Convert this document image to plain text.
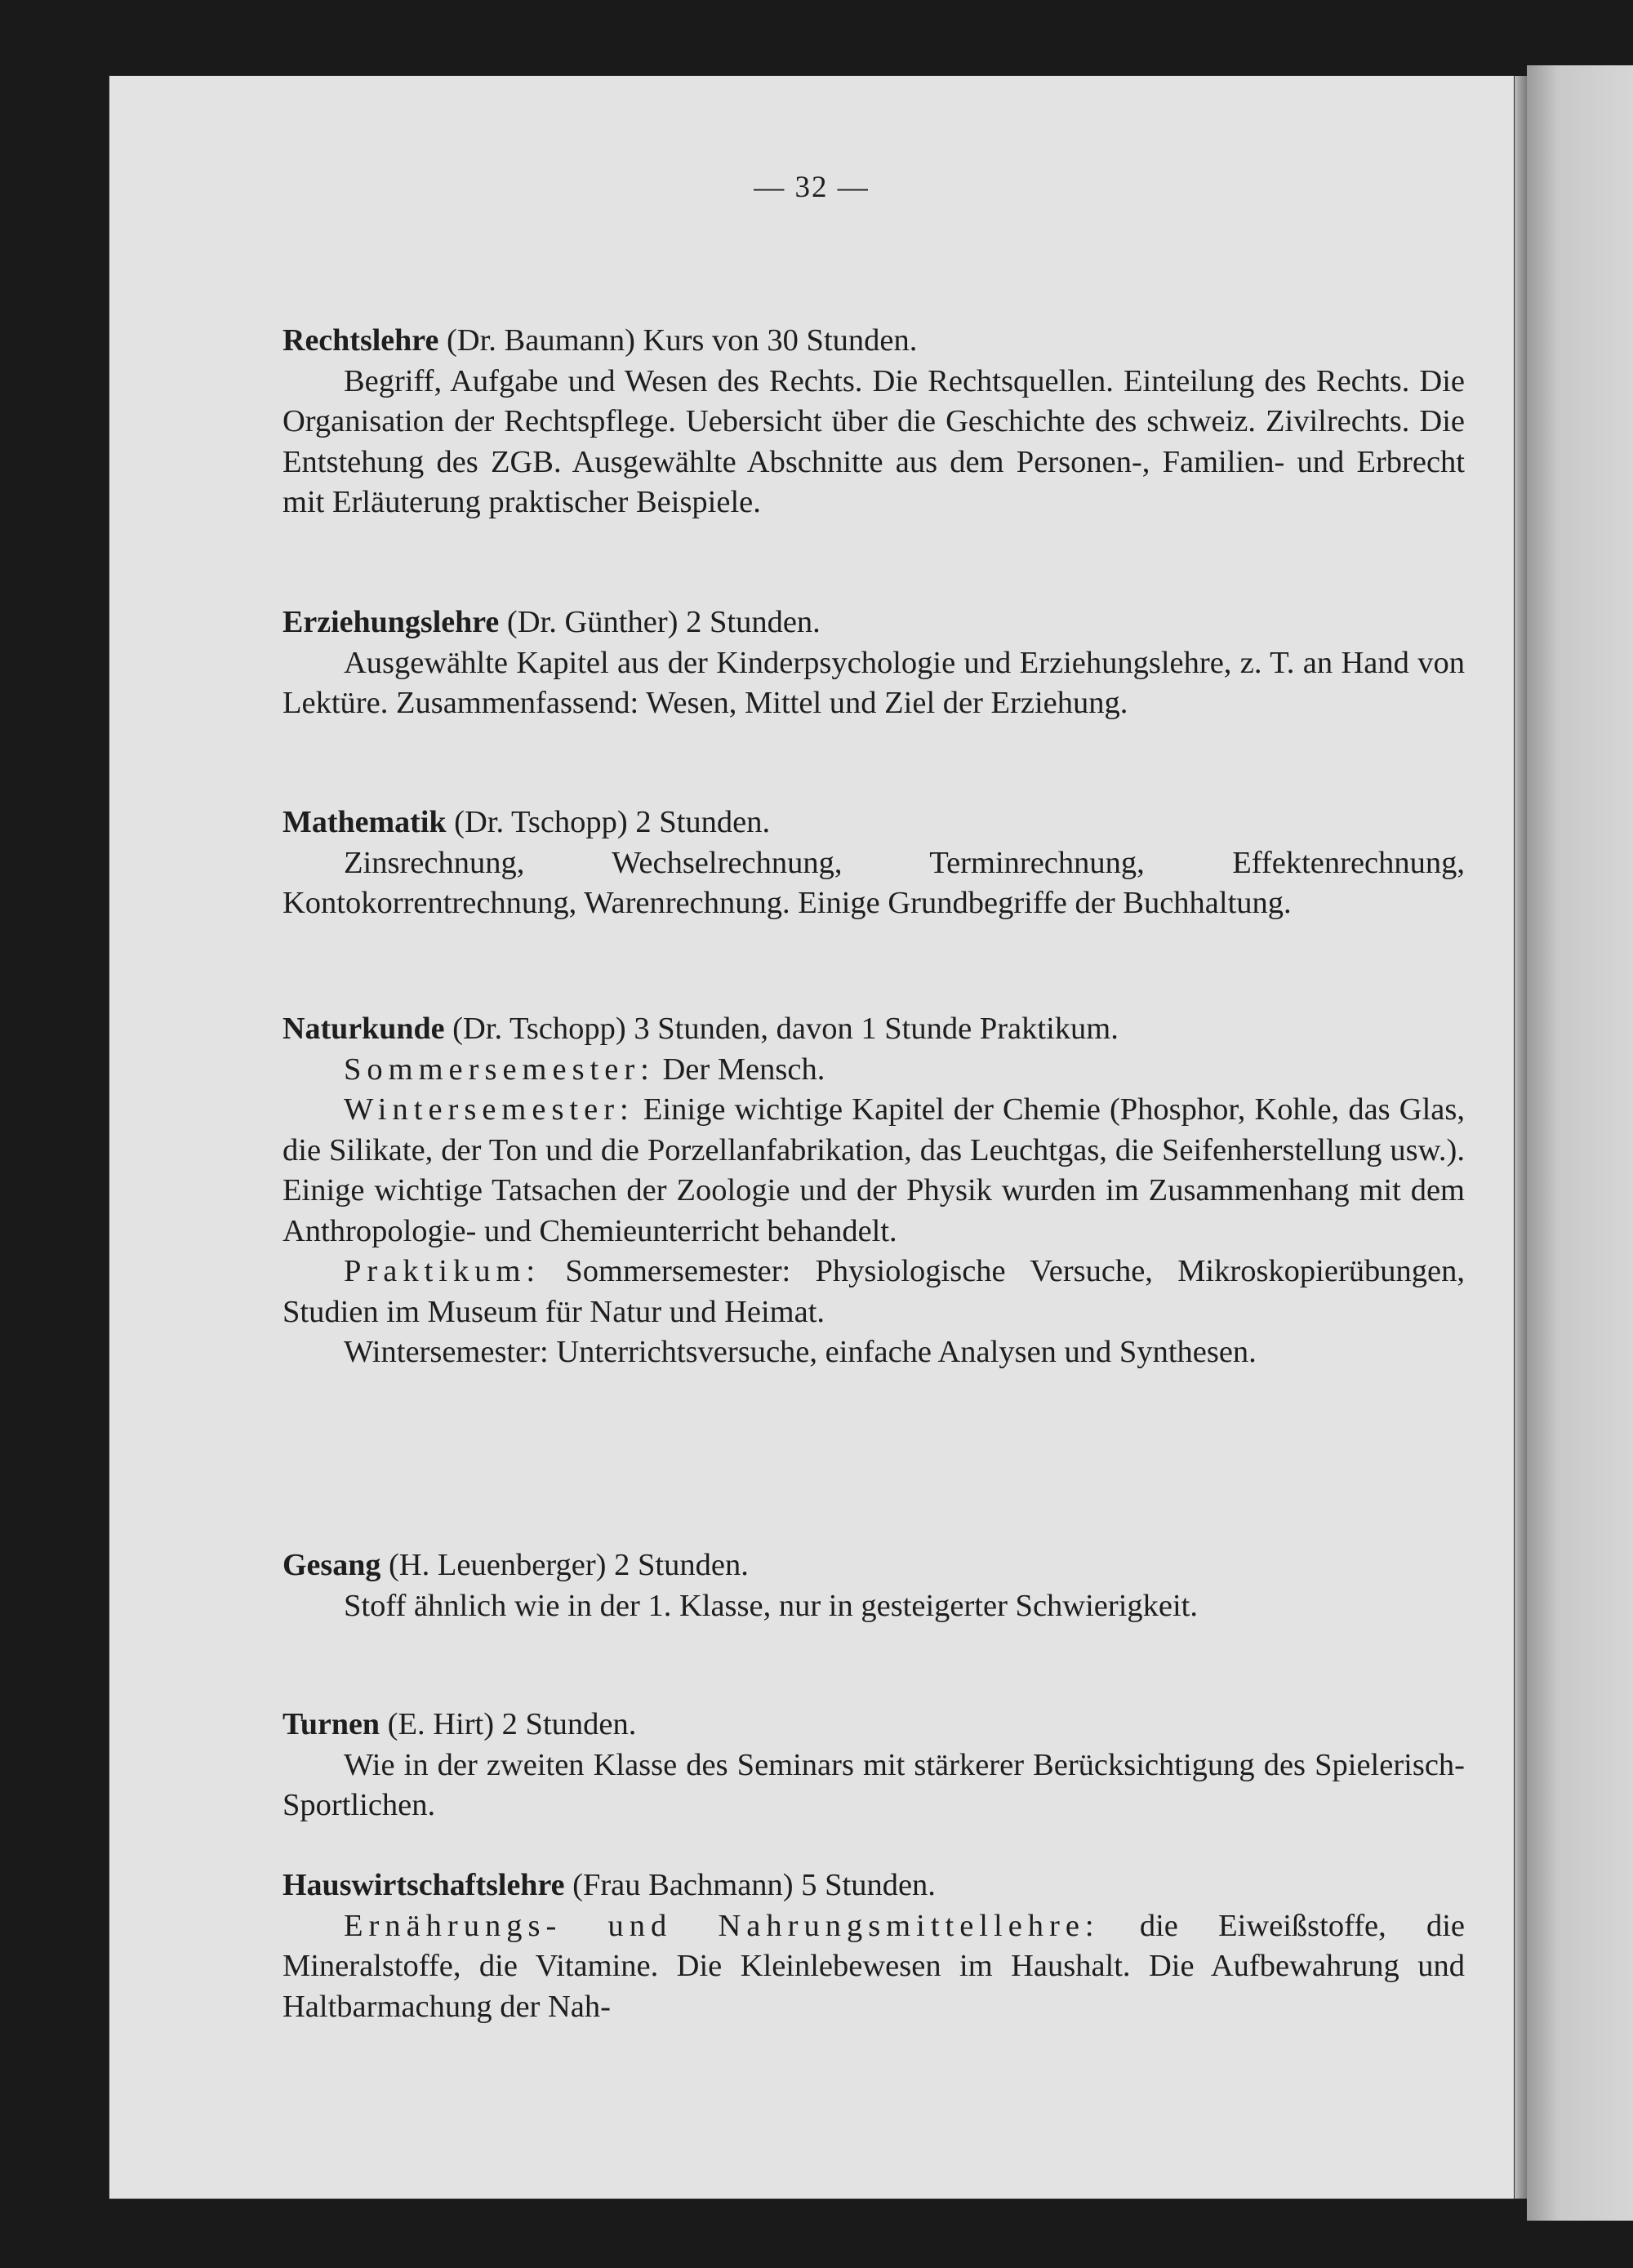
— 32 —
Rechtslehre (Dr. Baumann) Kurs von 30 Stunden.

Begriff, Aufgabe und Wesen des Rechts. Die Rechtsquellen. Einteilung des Rechts. Die Organisation der Rechtspflege. Uebersicht über die Geschichte des schweiz. Zivilrechts. Die Entstehung des ZGB. Ausgewählte Abschnitte aus dem Personen-, Familien- und Erbrecht mit Erläuterung praktischer Beispiele.

Erziehungslehre (Dr. Günther) 2 Stunden.

Ausgewählte Kapitel aus der Kinderpsychologie und Erziehungslehre, z. T. an Hand von Lektüre. Zusammenfassend: Wesen, Mittel und Ziel der Erziehung.

Mathematik (Dr. Tschopp) 2 Stunden.

Zinsrechnung, Wechselrechnung, Terminrechnung, Effektenrechnung, Kontokorrentrechnung, Warenrechnung. Einige Grundbegriffe der Buchhaltung.

Naturkunde (Dr. Tschopp) 3 Stunden, davon 1 Stunde Praktikum.

Sommersemester: Der Mensch.

Wintersemester: Einige wichtige Kapitel der Chemie (Phosphor, Kohle, das Glas, die Silikate, der Ton und die Porzellanfabrikation, das Leuchtgas, die Seifenherstellung usw.). Einige wichtige Tatsachen der Zoologie und der Physik wurden im Zusammenhang mit dem Anthropologie- und Chemieunterricht behandelt.

Praktikum: Sommersemester: Physiologische Versuche, Mikroskopierübungen, Studien im Museum für Natur und Heimat.

Wintersemester: Unterrichtsversuche, einfache Analysen und Synthesen.

Gesang (H. Leuenberger) 2 Stunden.

Stoff ähnlich wie in der 1. Klasse, nur in gesteigerter Schwierigkeit.

Turnen (E. Hirt) 2 Stunden.

Wie in der zweiten Klasse des Seminars mit stärkerer Berücksichtigung des Spielerisch-Sportlichen.

Hauswirtschaftslehre (Frau Bachmann) 5 Stunden.

Ernährungs- und Nahrungsmittellehre: die Eiweißstoffe, die Mineralstoffe, die Vitamine. Die Kleinlebewesen im Haushalt. Die Aufbewahrung und Haltbarmachung der Nah-
